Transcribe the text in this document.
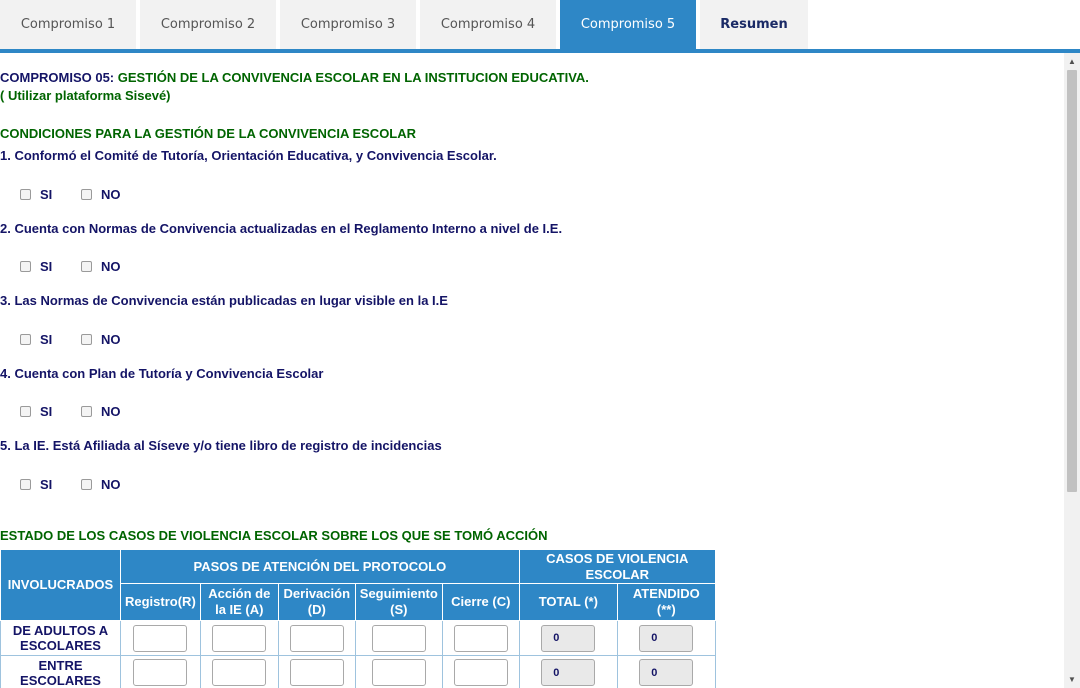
Compromiso 1	Compromiso 2	Compromiso 3	Compromiso 4	Compromiso 5	Resumen
COMPROMISO 05: GESTIÓN DE LA CONVIVENCIA ESCOLAR EN LA INSTITUCION EDUCATIVA.
( Utilizar plataforma Sisevé)
CONDICIONES PARA LA GESTIÓN DE LA CONVIVENCIA ESCOLAR
1. Conformó el Comité de Tutoría, Orientación Educativa, y Convivencia Escolar.
SI	NO
2. Cuenta con Normas de Convivencia actualizadas en el Reglamento Interno a nivel de I.E.
SI	NO
3. Las Normas de Convivencia están publicadas en lugar visible en la I.E
SI	NO
4. Cuenta con Plan de Tutoría y Convivencia Escolar
SI	NO
5. La IE. Está Afiliada al Síseve y/o tiene libro de registro de incidencias
SI	NO
ESTADO DE LOS CASOS DE VIOLENCIA ESCOLAR SOBRE LOS QUE SE TOMÓ ACCIÓN
INVOLUCRADOS	PASOS DE ATENCIÓN DEL PROTOCOLO					CASOS DE VIOLENCIA ESCOLAR	
	Registro(R)	Acción de la IE (A)	Derivación (D)	Seguimiento (S)	Cierre (C)	TOTAL (*)	ATENDIDO (**)
DE ADULTOS A ESCOLARES						0	0
ENTRE ESCOLARES						0	0
▲
▼
